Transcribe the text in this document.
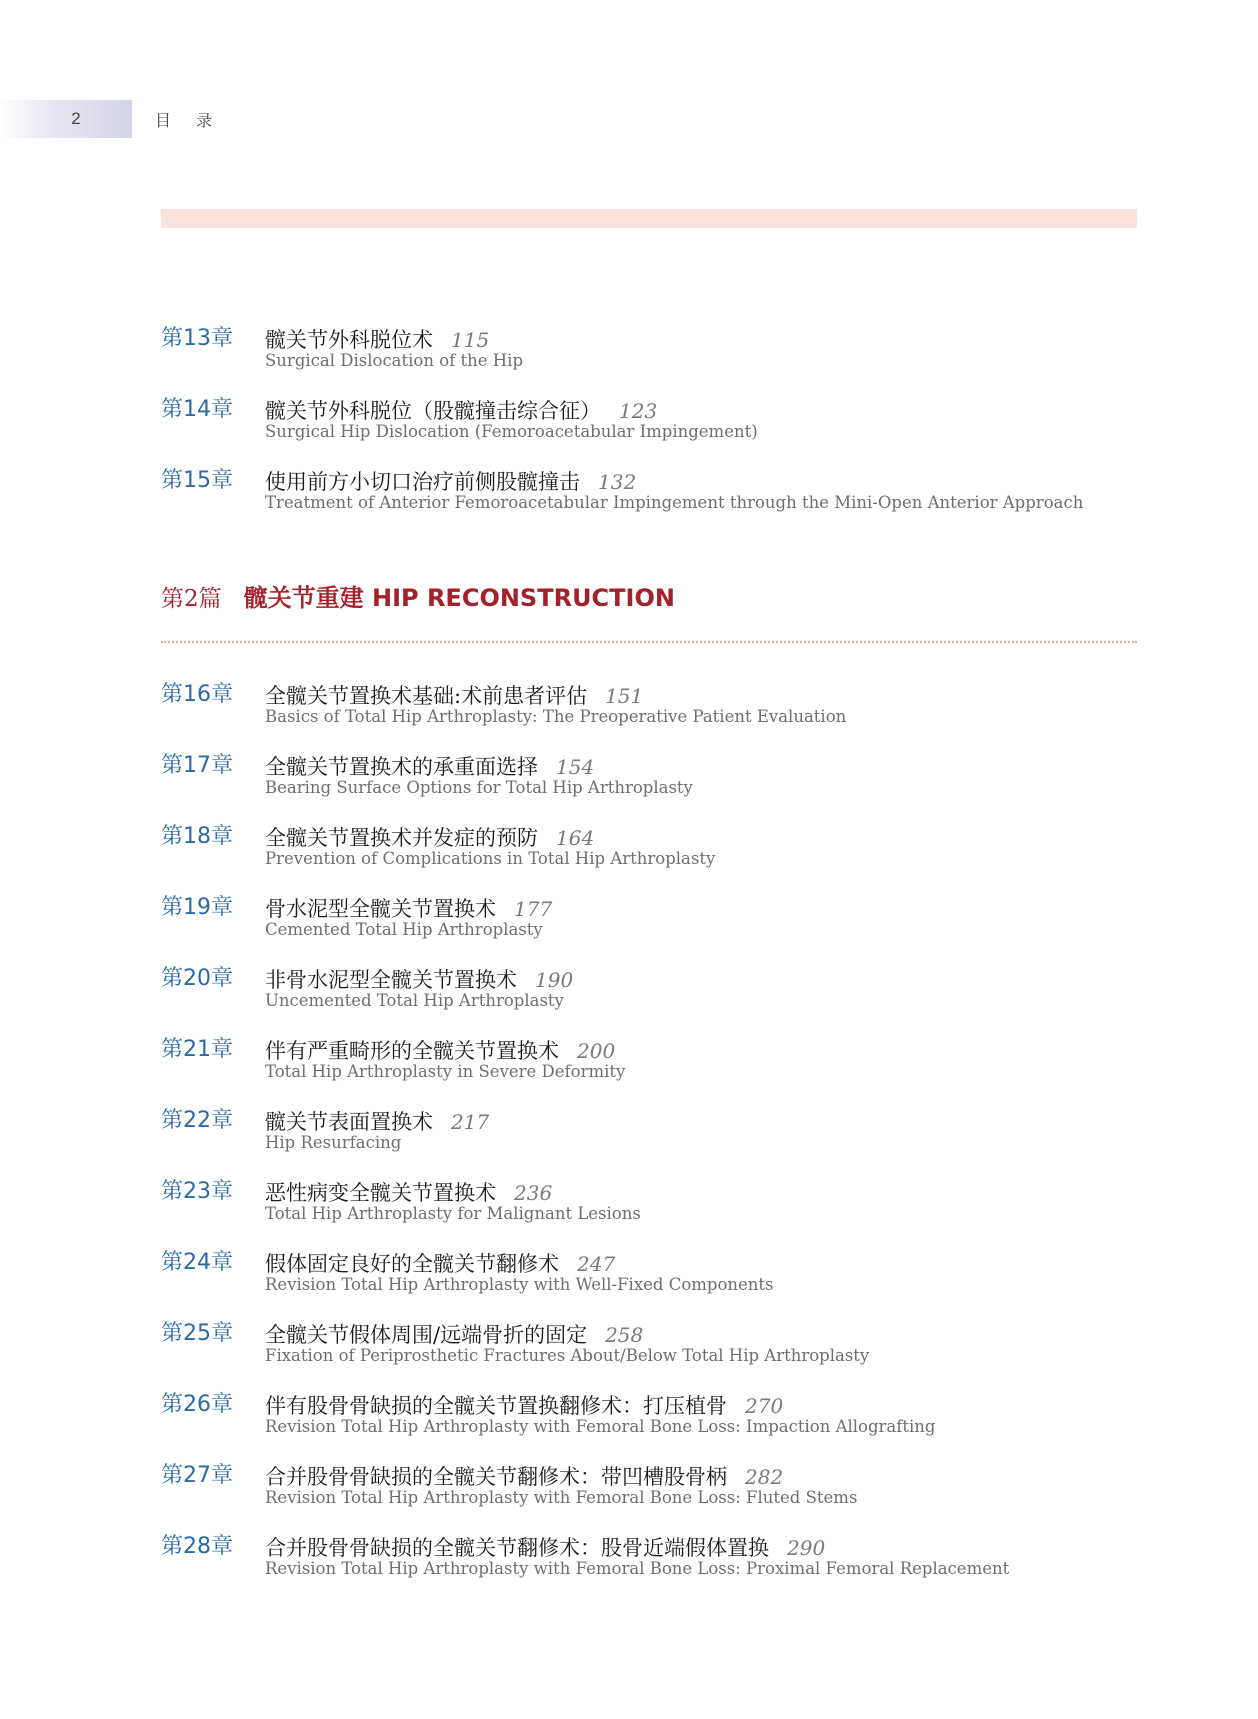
2	目 录
第13章 髋关节外科脱位术 115
Surgical Dislocation of the Hip
第14章 髋关节外科脱位（股髋撞击综合征） 123
Surgical Hip Dislocation (Femoroacetabular Impingement)
第15章 使用前方小切口治疗前侧股髋撞击 132
Treatment of Anterior Femoroacetabular Impingement through the Mini-Open Anterior Approach
第2篇 髋关节重建 HIP RECONSTRUCTION
第16章 全髋关节置换术基础:术前患者评估 151
Basics of Total Hip Arthroplasty: The Preoperative Patient Evaluation
第17章 全髋关节置换术的承重面选择 154
Bearing Surface Options for Total Hip Arthroplasty
第18章 全髋关节置换术并发症的预防 164
Prevention of Complications in Total Hip Arthroplasty
第19章 骨水泥型全髋关节置换术 177
Cemented Total Hip Arthroplasty
第20章 非骨水泥型全髋关节置换术 190
Uncemented Total Hip Arthroplasty
第21章 伴有严重畸形的全髋关节置换术 200
Total Hip Arthroplasty in Severe Deformity
第22章 髋关节表面置换术 217
Hip Resurfacing
第23章 恶性病变全髋关节置换术 236
Total Hip Arthroplasty for Malignant Lesions
第24章 假体固定良好的全髋关节翻修术 247
Revision Total Hip Arthroplasty with Well-Fixed Components
第25章 全髋关节假体周围/远端骨折的固定 258
Fixation of Periprosthetic Fractures About/Below Total Hip Arthroplasty
第26章 伴有股骨骨缺损的全髋关节置换翻修术：打压植骨 270
Revision Total Hip Arthroplasty with Femoral Bone Loss: Impaction Allografting
第27章 合并股骨骨缺损的全髋关节翻修术：带凹槽股骨柄 282
Revision Total Hip Arthroplasty with Femoral Bone Loss: Fluted Stems
第28章 合并股骨骨缺损的全髋关节翻修术：股骨近端假体置换 290
Revision Total Hip Arthroplasty with Femoral Bone Loss: Proximal Femoral Replacement
